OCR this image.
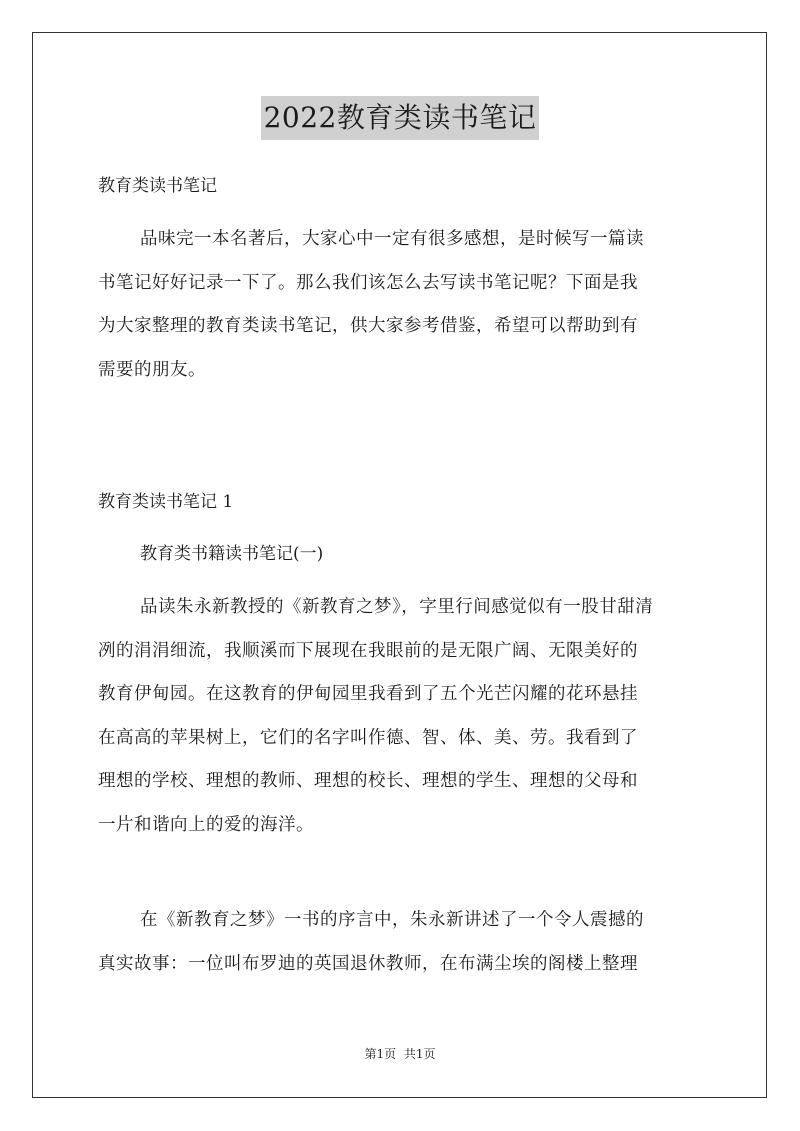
2022教育类读书笔记
教育类读书笔记
品味完一本名著后，大家心中一定有很多感想，是时候写一篇读
书笔记好好记录一下了。那么我们该怎么去写读书笔记呢？下面是我
为大家整理的教育类读书笔记，供大家参考借鉴，希望可以帮助到有
需要的朋友。
教育类读书笔记 1
教育类书籍读书笔记(一)
品读朱永新教授的《新教育之梦》，字里行间感觉似有一股甘甜清
冽的涓涓细流，我顺溪而下展现在我眼前的是无限广阔、无限美好的
教育伊甸园。在这教育的伊甸园里我看到了五个光芒闪耀的花环悬挂
在高高的苹果树上，它们的名字叫作德、智、体、美、劳。我看到了
理想的学校、理想的教师、理想的校长、理想的学生、理想的父母和
一片和谐向上的爱的海洋。
在《新教育之梦》一书的序言中，朱永新讲述了一个令人震撼的
真实故事：一位叫布罗迪的英国退休教师，在布满尘埃的阁楼上整理
第1页 共1页
